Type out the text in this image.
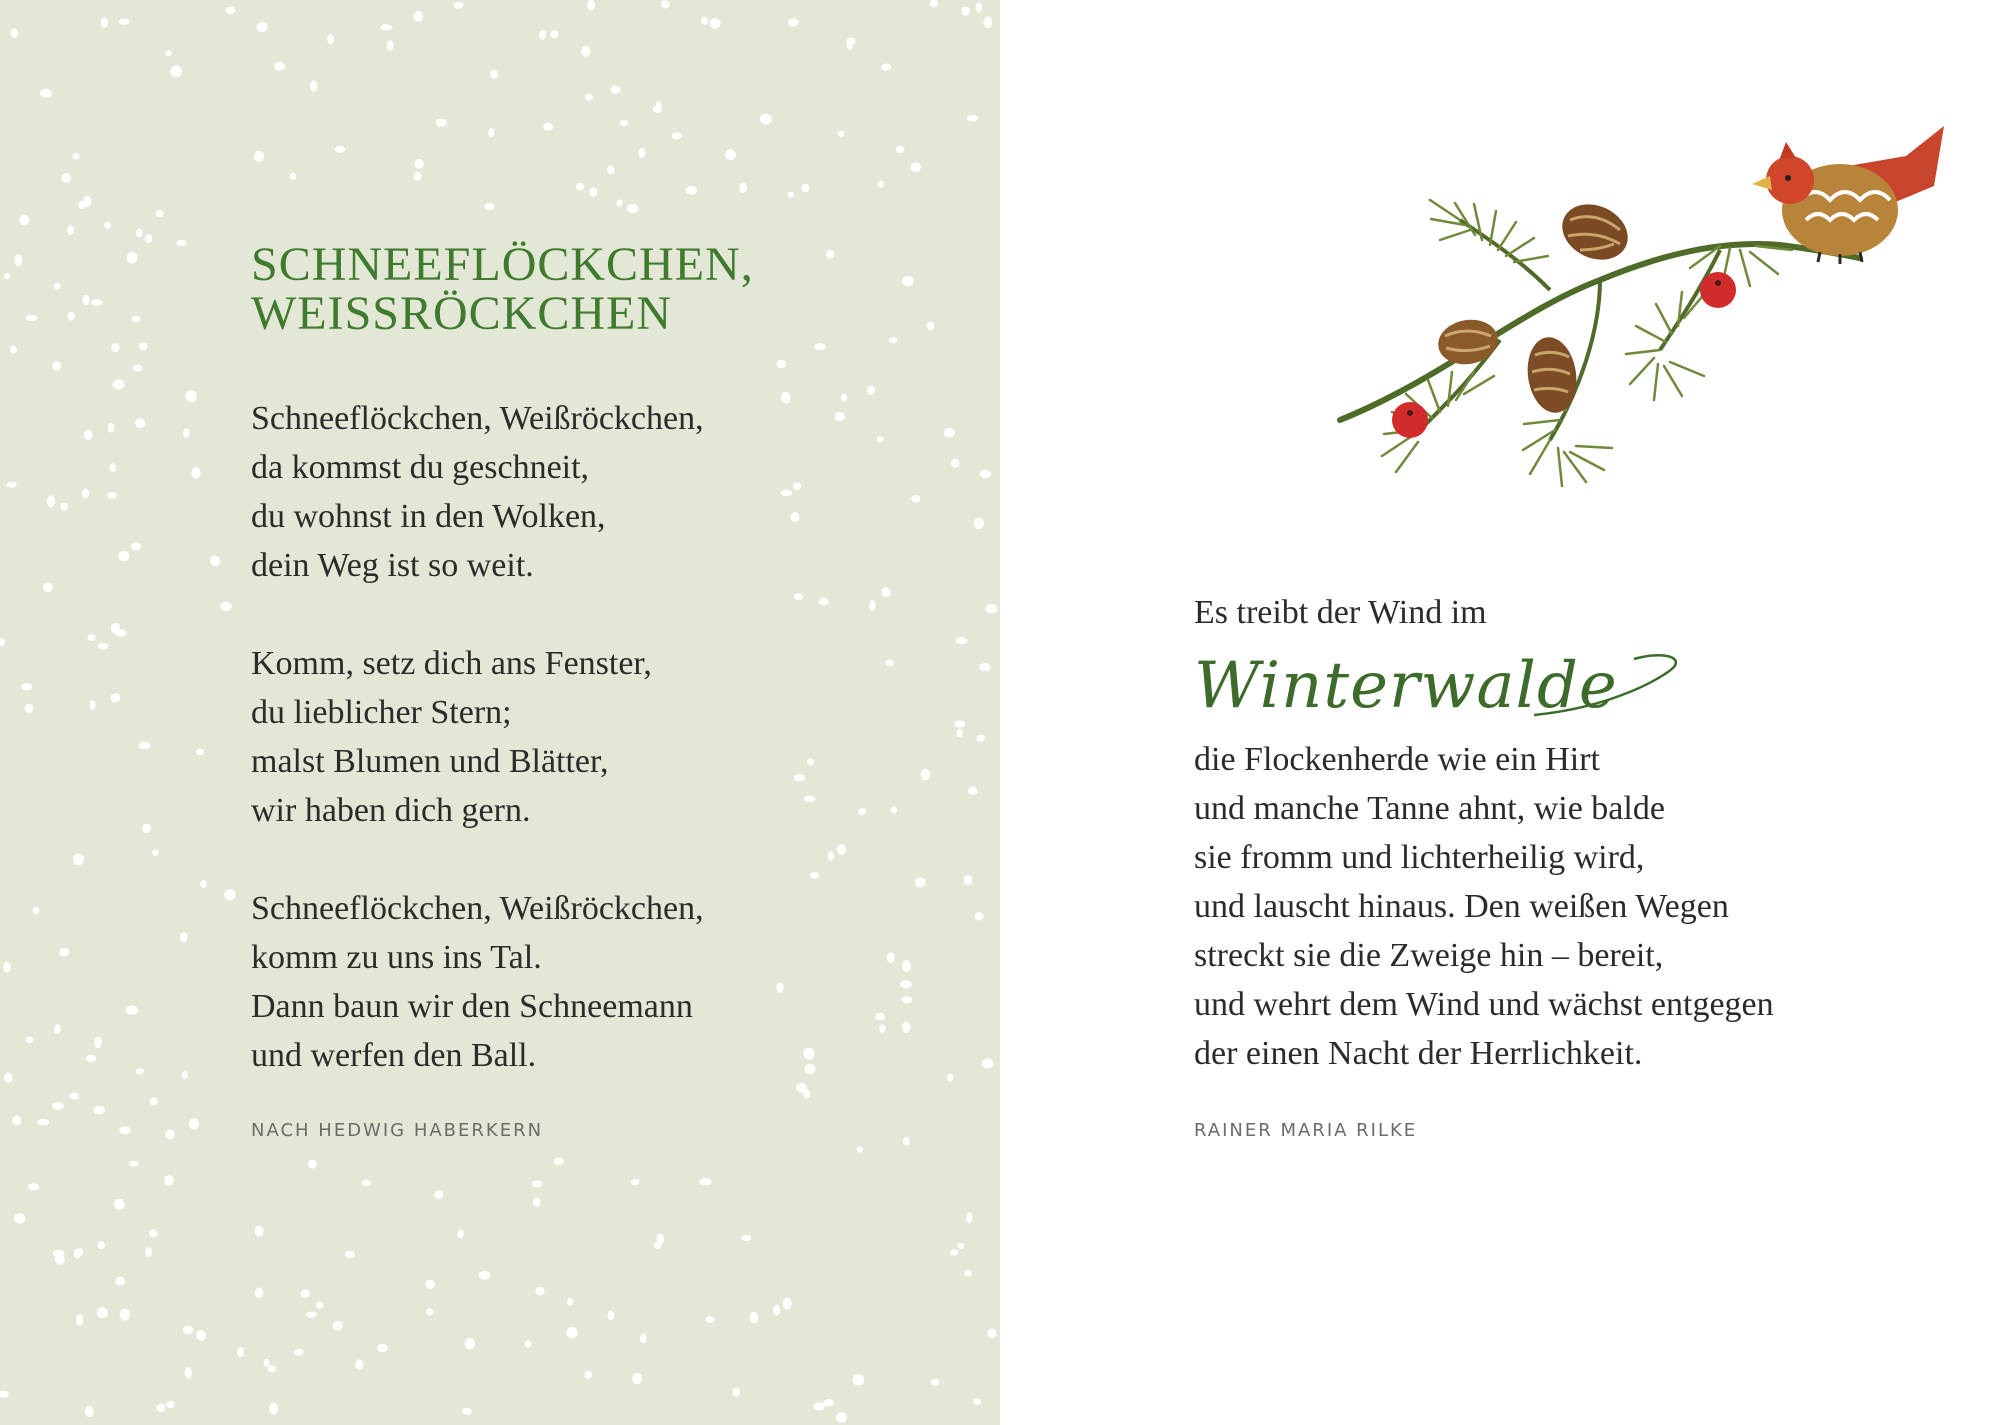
SCHNEEFLÖCKCHEN,
WEISSRÖCKCHEN
Schneeflöckchen, Weißröckchen,
da kommst du geschneit,
du wohnst in den Wolken,
dein Weg ist so weit.
Komm, setz dich ans Fenster,
du lieblicher Stern;
malst Blumen und Blätter,
wir haben dich gern.
Schneeflöckchen, Weißröckchen,
komm zu uns ins Tal.
Dann baun wir den Schneemann
und werfen den Ball.
NACH HEDWIG HABERKERN
Es treibt der Wind im
Winterwalde
die Flockenherde wie ein Hirt
und manche Tanne ahnt, wie balde
sie fromm und lichterheilig wird,
und lauscht hinaus. Den weißen Wegen
streckt sie die Zweige hin – bereit,
und wehrt dem Wind und wächst entgegen
der einen Nacht der Herrlichkeit.
RAINER MARIA RILKE
